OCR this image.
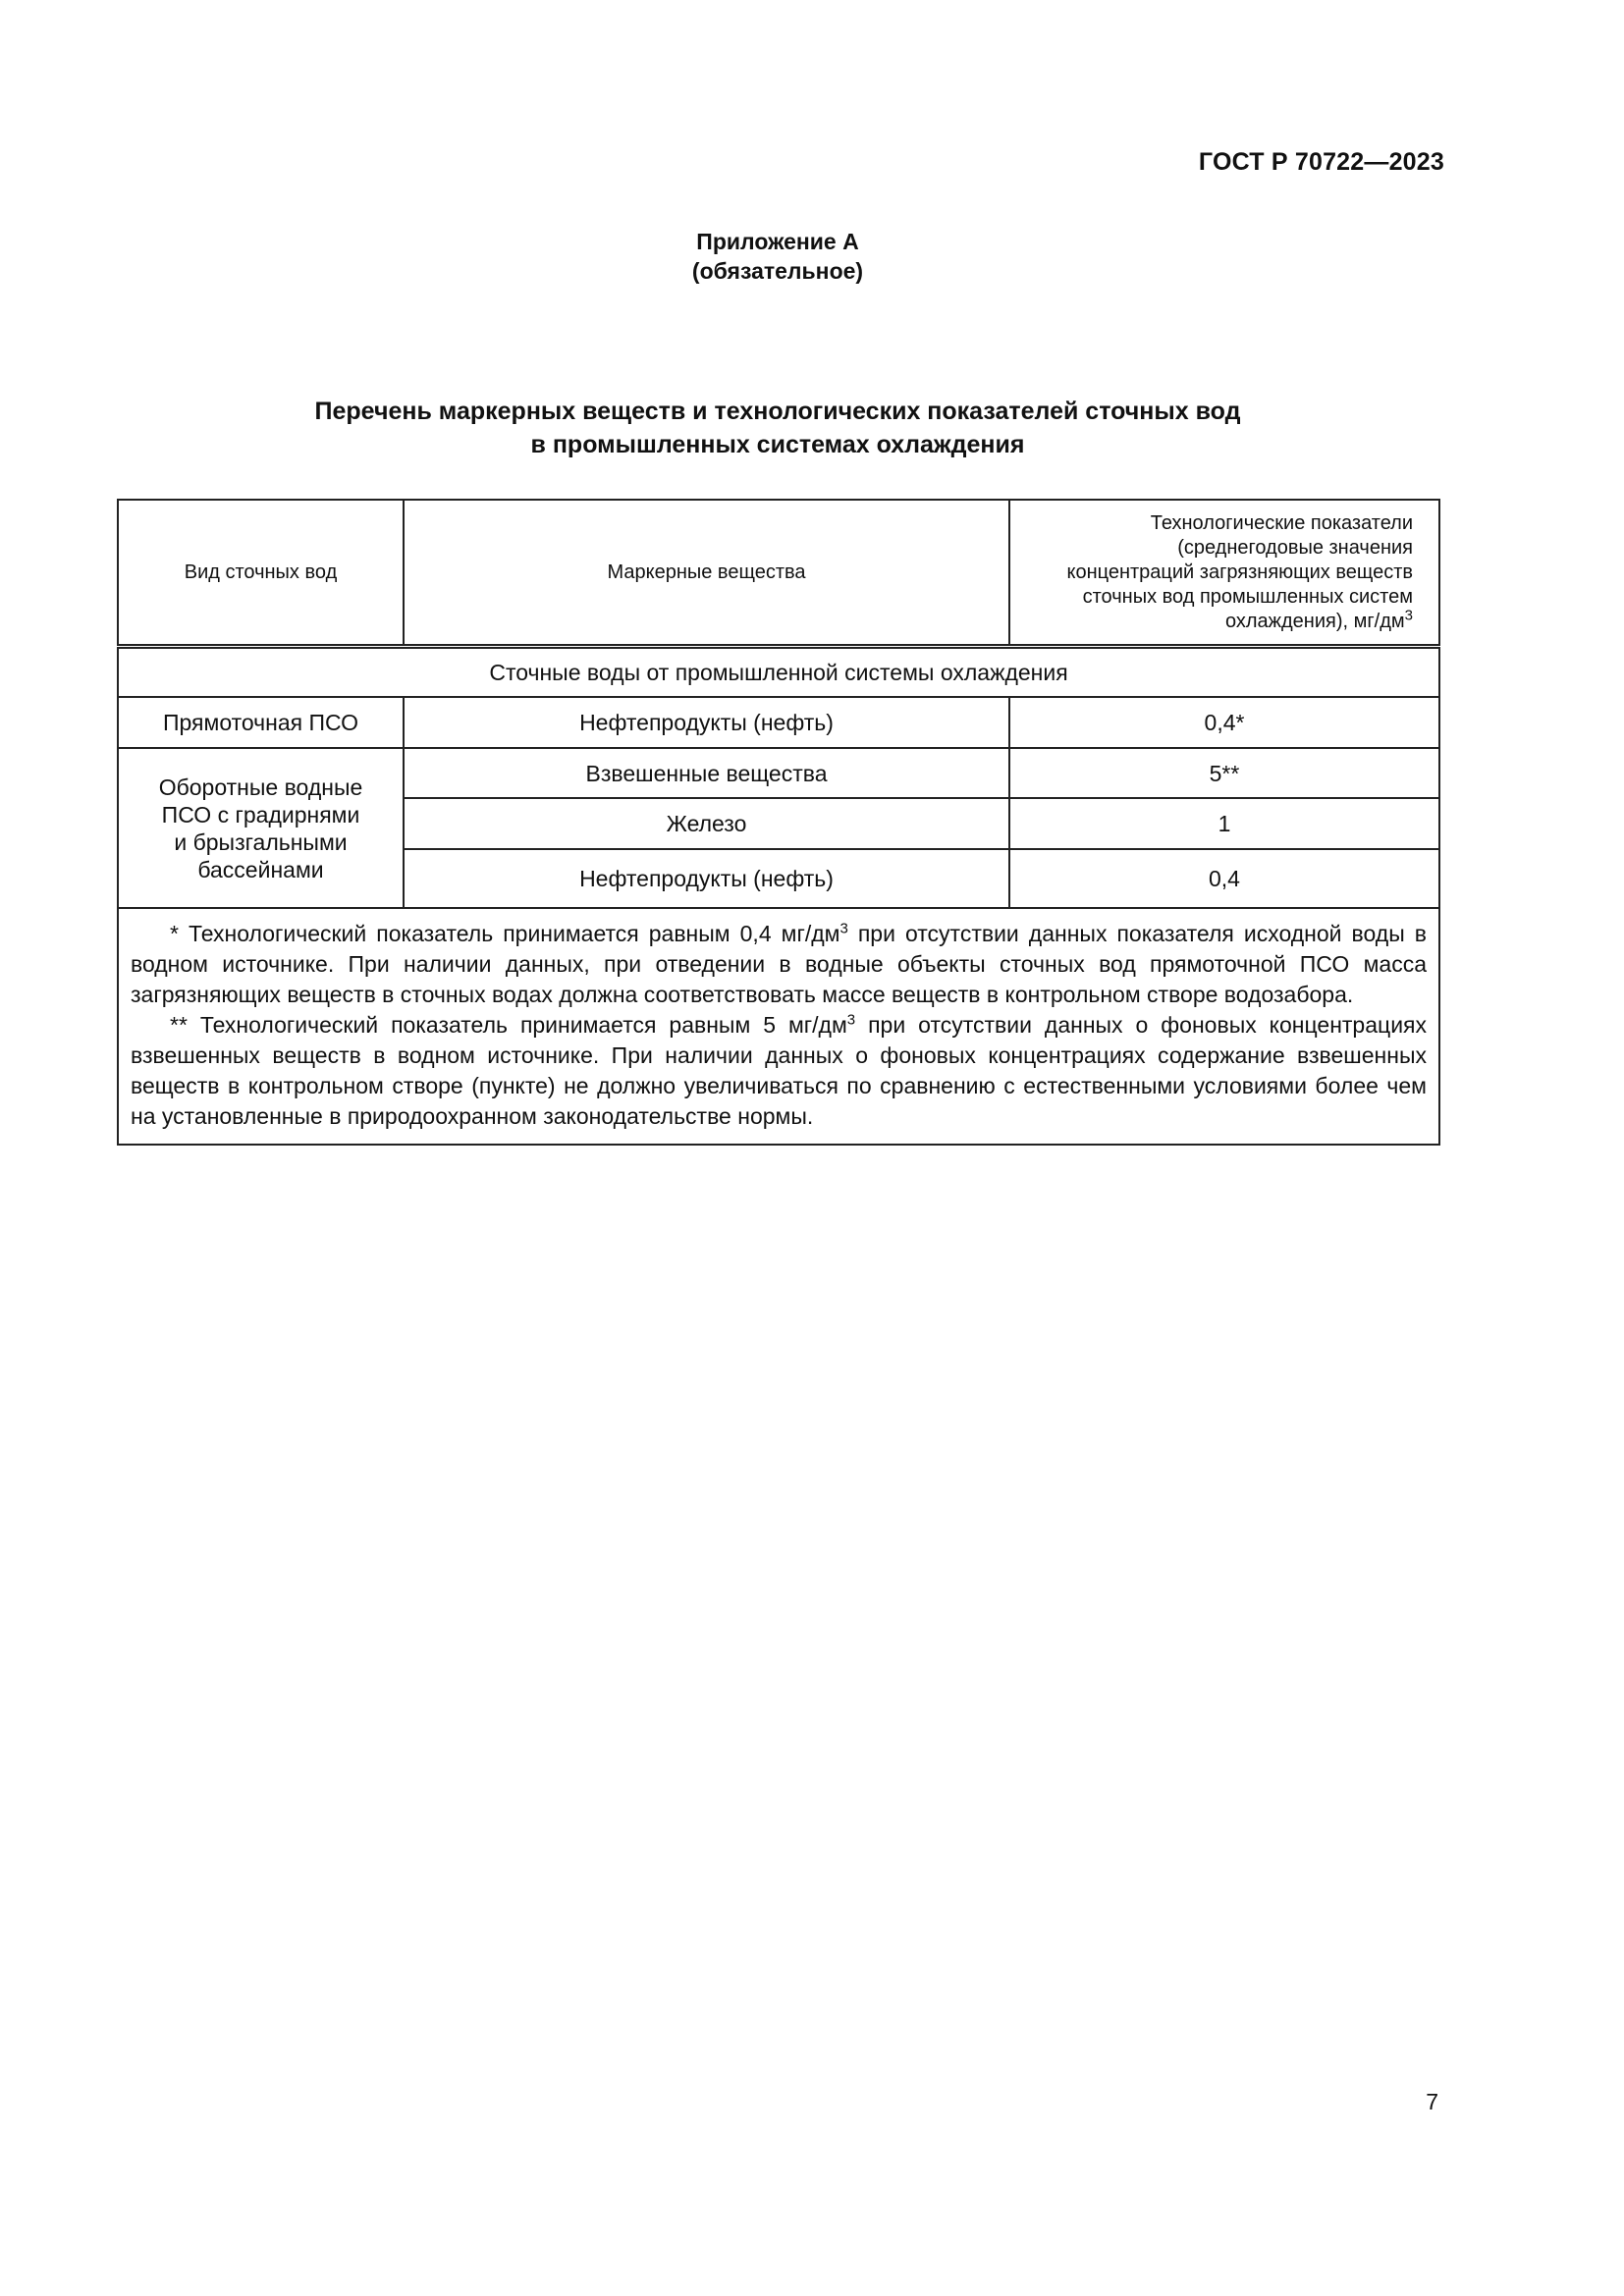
ГОСТ Р 70722—2023
Приложение А
(обязательное)
Перечень маркерных веществ и технологических показателей сточных вод
в промышленных системах охлаждения
Вид сточных вод	Маркерные вещества	Технологические показатели
(среднегодовые значения
концентраций загрязняющих веществ
сточных вод промышленных систем
охлаждения), $мг/дм^3$

Сточные воды от промышленной системы охлаждения		
Прямоточная ПСО	Нефтепродукты (нефть)	0,4*

Оборотные водные
ПСО с градирнями
и брызгальными
бассейнами	Взвешенные вещества	5**
	Железо	1
	Нефтепродукты (нефть)	0,4

* Технологический показатель принимается равным 0,4 $мг/дм^3$ при отсутствии данных показателя исходной воды в водном источнике. При наличии данных, при отведении в водные объекты сточных вод прямоточной ПСО масса загрязняющих веществ в сточных водах должна соответствовать массе веществ в контрольном створе водозабора.
** Технологический показатель принимается равным 5 $мг/дм^3$ при отсутствии данных о фоновых концентрациях взвешенных веществ в водном источнике. При наличии данных о фоновых концентрациях содержание взвешенных веществ в контрольном створе (пункте) не должно увеличиваться по сравнению с естественными условиями более чем на установленные в природоохранном законодательстве нормы.		
7
